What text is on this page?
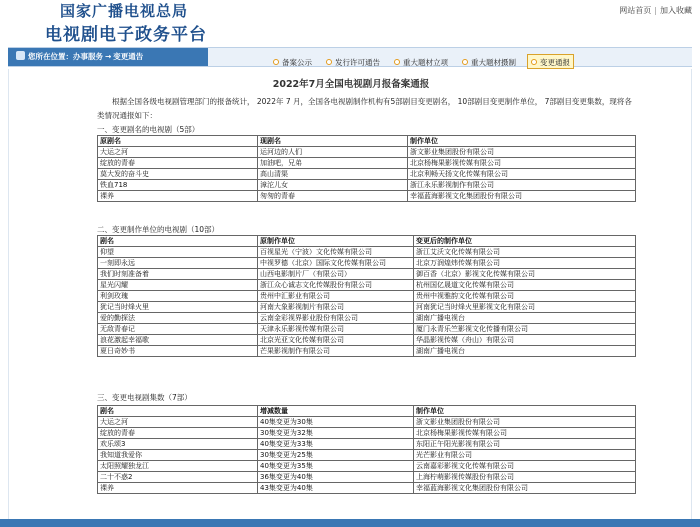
国家广播电视总局
电视剧电子政务平台
网站首页 | 加入收藏
您所在位置：办事服务 → 变更通告
备案公示	发行许可通告	重大题材立项	重大题材摄制	变更通报
2022年7月全国电视剧月报备案通报
根据全国各级电视剧管理部门的报备统计， 2022年 7 月，全国各电视剧制作机构有5部剧目变更剧名， 10部剧目变更制作单位， 7部剧目变更集数，现将各类情况通报如下：
一、变更剧名的电视剧（5部）
原剧名	现剧名	制作单位
大运之河	运河边的人们	浙文影业集团股份有限公司
绽放的青春	加油吧，兄弟	北京杨梅果影视传媒有限公司
莫大发的奋斗史	高山清渠	北京利畅天扬文化传媒有限公司
铁血718	漳沱儿女	浙江永乐影视制作有限公司
裸养	匆匆的青春	幸福蓝海影视文化集团股份有限公司
二、变更制作单位的电视剧（10部）
剧名	原制作单位	变更后的制作单位
仰望	百视星光（宁波）文化传媒有限公司	浙江艾沃文化传媒有限公司
一刻即永远	中视罗德（北京）国际文化传媒有限公司	北京万润煌炜传媒有限公司
我们时刻准备着	山西电影制片厂（有限公司）	御百香（北京）影视文化传媒有限公司
星光闪耀	浙江众心诚志文化传媒股份有限公司	杭州国亿晟道文化传媒有限公司
利剑玫瑰	贵州中汇影业有限公司	贵州中视雅韵文化传媒有限公司
犹记当时烽火里	河南大象影视制片有限公司	河南犹记当时烽火里影视文化有限公司
爱的勤探法	云南金彩视界影业股份有限公司	湖南广播电视台
无敌青春记	天津永乐影视传媒有限公司	厦门永青乐竺影视文化传播有限公司
浪花激起幸福歌	北京光亚文化传媒有限公司	华晶影视传媒（舟山）有限公司
夏日奇妙书	芒果影视制作有限公司	湖南广播电视台
三、变更电视剧集数（7部）
剧名	增减数量	制作单位
大运之河	40集变更为30集	浙文影业集团股份有限公司
绽放的青春	30集变更为32集	北京杨梅果影视传媒有限公司
欢乐颂3	40集变更为33集	东阳正午阳光影视有限公司
我知道我爱你	30集变更为25集	光芒影业有限公司
太阳照耀独龙江	40集变更为35集	云南嘉彩影视文化传媒有限公司
二十不惑2	36集变更为40集	上海柠萌影视传媒股份有限公司
裸养	43集变更为40集	幸福蓝海影视文化集团股份有限公司
